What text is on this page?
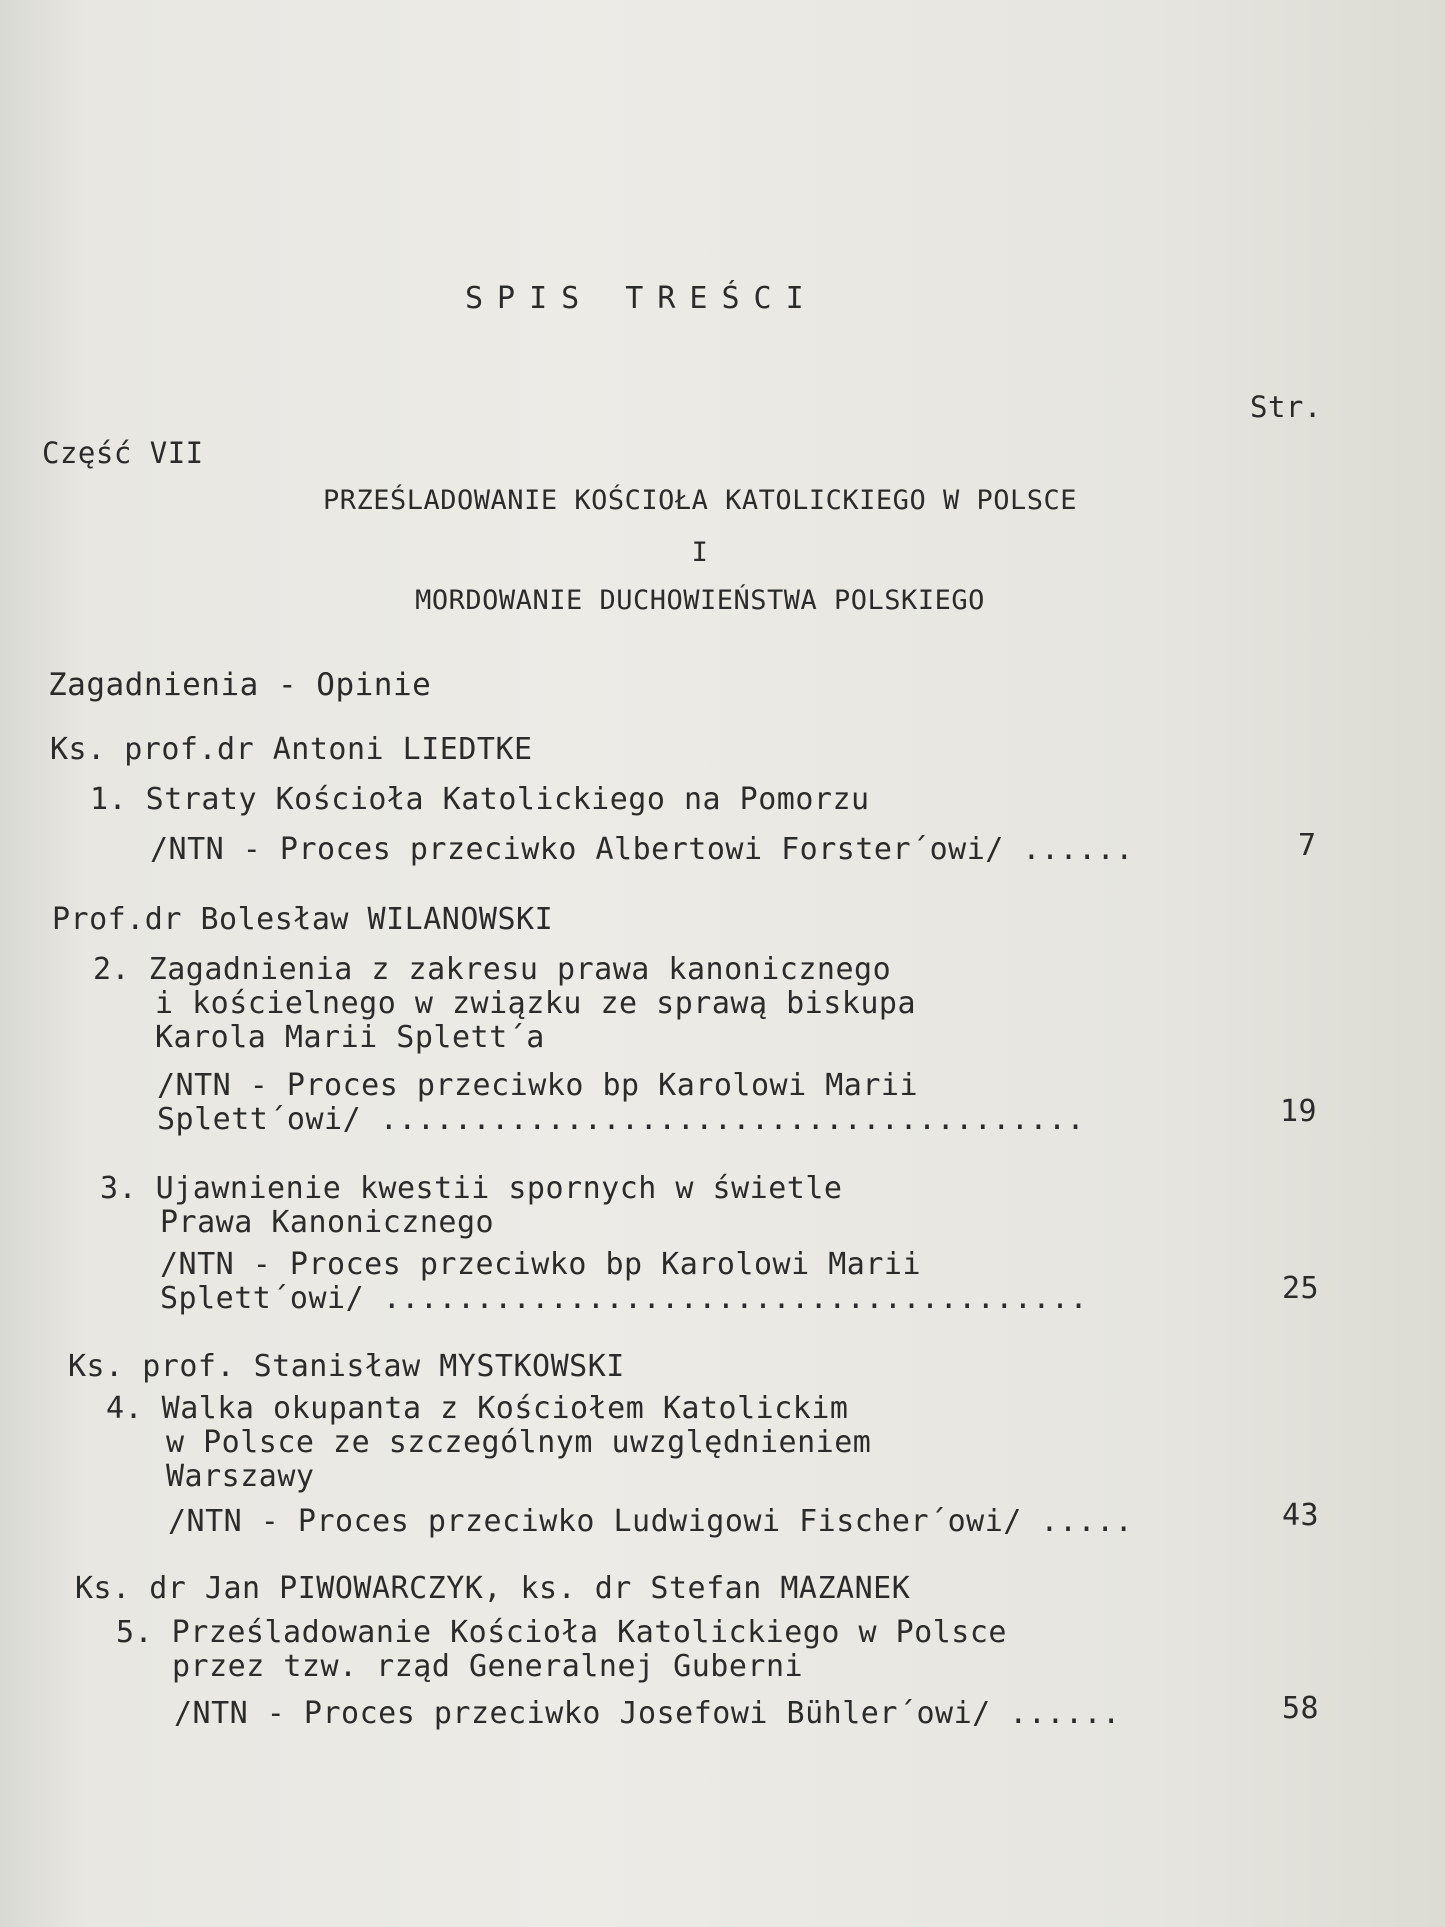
SPIS TREŚCI
Str.
Część VII
PRZEŚLADOWANIE KOŚCIOŁA KATOLICKIEGO W POLSCE
I
MORDOWANIE DUCHOWIEŃSTWA POLSKIEGO
Zagadnienia - Opinie
Ks. prof.dr Antoni LIEDTKE
1. Straty Kościoła Katolickiego na Pomorzu
/NTN - Proces przeciwko Albertowi Forster´owi/ ......	7
Prof.dr Bolesław WILANOWSKI
2. Zagadnienia z zakresu prawa kanonicznego
i kościelnego w związku ze sprawą biskupa
Karola Marii Splett´a
/NTN - Proces przeciwko bp Karolowi Marii
Splett´owi/ ......................................	19
3. Ujawnienie kwestii spornych w świetle
Prawa Kanonicznego
/NTN - Proces przeciwko bp Karolowi Marii
Splett´owi/ ......................................	25
Ks. prof. Stanisław MYSTKOWSKI
4. Walka okupanta z Kościołem Katolickim
w Polsce ze szczególnym uwzględnieniem
Warszawy
/NTN - Proces przeciwko Ludwigowi Fischer´owi/ .....	43
Ks. dr Jan PIWOWARCZYK, ks. dr Stefan MAZANEK
5. Prześladowanie Kościoła Katolickiego w Polsce
przez tzw. rząd Generalnej Guberni
/NTN - Proces przeciwko Josefowi Bühler´owi/ ......	58
